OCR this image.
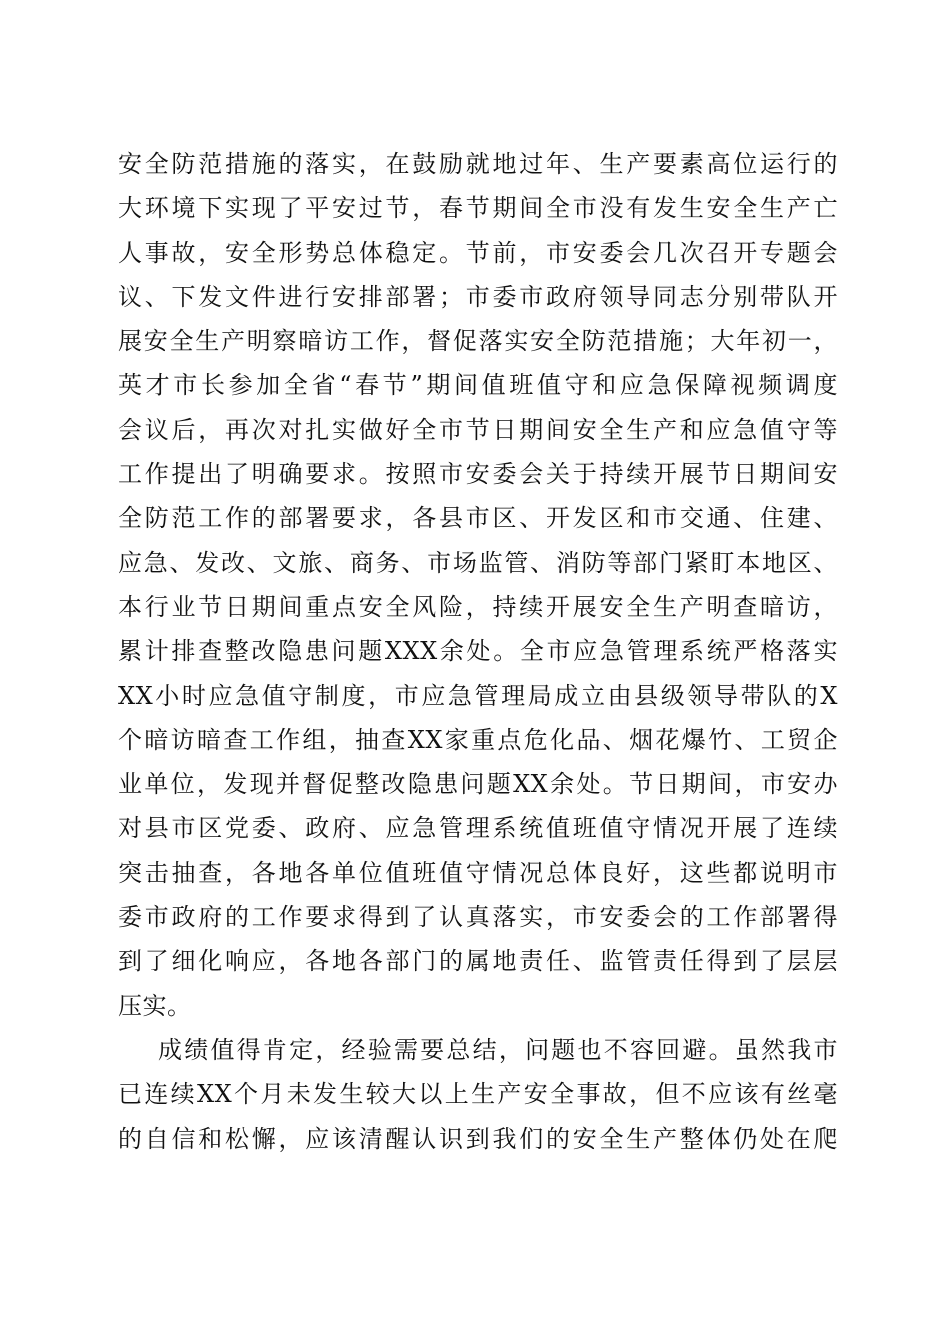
安全防范措施的落实，在鼓励就地过年、生产要素高位运行的
大环境下实现了平安过节，春节期间全市没有发生安全生产亡
人事故，安全形势总体稳定。节前，市安委会几次召开专题会
议、下发文件进行安排部署；市委市政府领导同志分别带队开
展安全生产明察暗访工作，督促落实安全防范措施；大年初一，
英才市长参加全省“春节”期间值班值守和应急保障视频调度
会议后，再次对扎实做好全市节日期间安全生产和应急值守等
工作提出了明确要求。按照市安委会关于持续开展节日期间安
全防范工作的部署要求，各县市区、开发区和市交通、住建、
应急、发改、文旅、商务、市场监管、消防等部门紧盯本地区、
本行业节日期间重点安全风险，持续开展安全生产明查暗访，
累计排查整改隐患问题XXX余处。全市应急管理系统严格落实
XX小时应急值守制度，市应急管理局成立由县级领导带队的X
个暗访暗查工作组，抽查XX家重点危化品、烟花爆竹、工贸企
业单位，发现并督促整改隐患问题XX余处。节日期间，市安办
对县市区党委、政府、应急管理系统值班值守情况开展了连续
突击抽查，各地各单位值班值守情况总体良好，这些都说明市
委市政府的工作要求得到了认真落实，市安委会的工作部署得
到了细化响应，各地各部门的属地责任、监管责任得到了层层
压实。
成绩值得肯定，经验需要总结，问题也不容回避。虽然我市
已连续XX个月未发生较大以上生产安全事故，但不应该有丝毫
的自信和松懈，应该清醒认识到我们的安全生产整体仍处在爬
